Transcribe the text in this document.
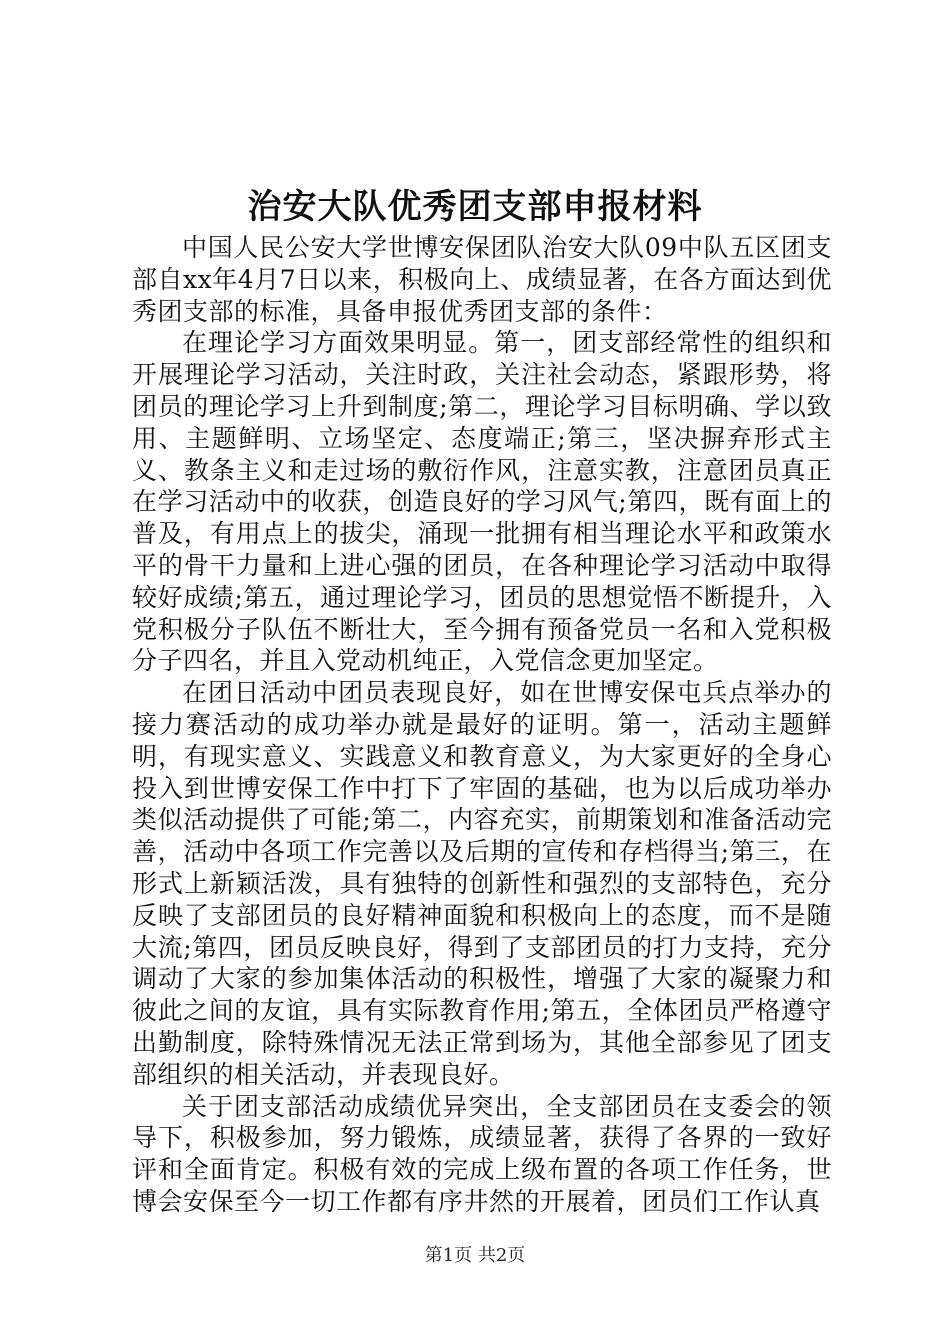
治安大队优秀团支部申报材料

中国人民公安大学世博安保团队治安大队09中队五区团支部自xx年4月7日以来，积极向上、成绩显著，在各方面达到优秀团支部的标准，具备申报优秀团支部的条件：

在理论学习方面效果明显。第一，团支部经常性的组织和开展理论学习活动，关注时政，关注社会动态，紧跟形势，将团员的理论学习上升到制度;第二，理论学习目标明确、学以致用、主题鲜明、立场坚定、态度端正;第三，坚决摒弃形式主义、教条主义和走过场的敷衍作风，注意实教，注意团员真正在学习活动中的收获，创造良好的学习风气;第四，既有面上的普及，有用点上的拔尖，涌现一批拥有相当理论水平和政策水平的骨干力量和上进心强的团员，在各种理论学习活动中取得较好成绩;第五，通过理论学习，团员的思想觉悟不断提升，入党积极分子队伍不断壮大，至今拥有预备党员一名和入党积极分子四名，并且入党动机纯正，入党信念更加坚定。

在团日活动中团员表现良好，如在世博安保屯兵点举办的接力赛活动的成功举办就是最好的证明。第一，活动主题鲜明，有现实意义、实践意义和教育意义，为大家更好的全身心投入到世博安保工作中打下了牢固的基础，也为以后成功举办类似活动提供了可能;第二，内容充实，前期策划和准备活动完善，活动中各项工作完善以及后期的宣传和存档得当;第三，在形式上新颖活泼，具有独特的创新性和强烈的支部特色，充分反映了支部团员的良好精神面貌和积极向上的态度，而不是随大流;第四，团员反映良好，得到了支部团员的打力支持，充分调动了大家的参加集体活动的积极性，增强了大家的凝聚力和彼此之间的友谊，具有实际教育作用;第五，全体团员严格遵守出勤制度，除特殊情况无法正常到场为，其他全部参见了团支部组织的相关活动，并表现良好。

关于团支部活动成绩优异突出，全支部团员在支委会的领导下，积极参加，努力锻炼，成绩显著，获得了各界的一致好评和全面肯定。积极有效的完成上级布置的各项工作任务，世博会安保至今一切工作都有序井然的开展着，团员们工作认真

第1页 共2页
